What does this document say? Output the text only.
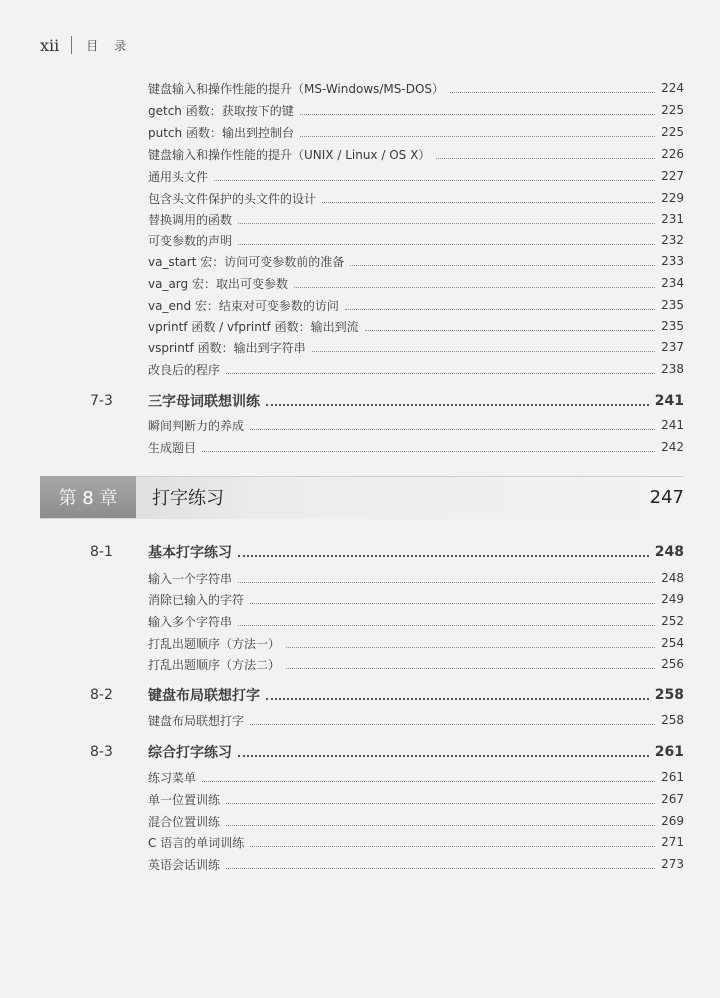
xii 目 录
键盘输入和操作性能的提升（MS-Windows/MS-DOS）	224
getch 函数：获取按下的键	225
putch 函数：输出到控制台	225
键盘输入和操作性能的提升（UNIX / Linux / OS X）	226
通用头文件	227
包含头文件保护的头文件的设计	229
替换调用的函数	231
可变参数的声明	232
va_start 宏：访问可变参数前的准备	233
va_arg 宏：取出可变参数	234
va_end 宏：结束对可变参数的访问	235
vprintf 函数 / vfprintf 函数：输出到流	235
vsprintf 函数：输出到字符串	237
改良后的程序	238
7-3	三字母词联想训练	241
瞬间判断力的养成	241
生成题目	242
第 8 章	打字练习	247
8-1	基本打字练习	248
输入一个字符串	248
消除已输入的字符	249
输入多个字符串	252
打乱出题顺序（方法一）	254
打乱出题顺序（方法二）	256
8-2	键盘布局联想打字	258
键盘布局联想打字	258
8-3	综合打字练习	261
练习菜单	261
单一位置训练	267
混合位置训练	269
C 语言的单词训练	271
英语会话训练	273
